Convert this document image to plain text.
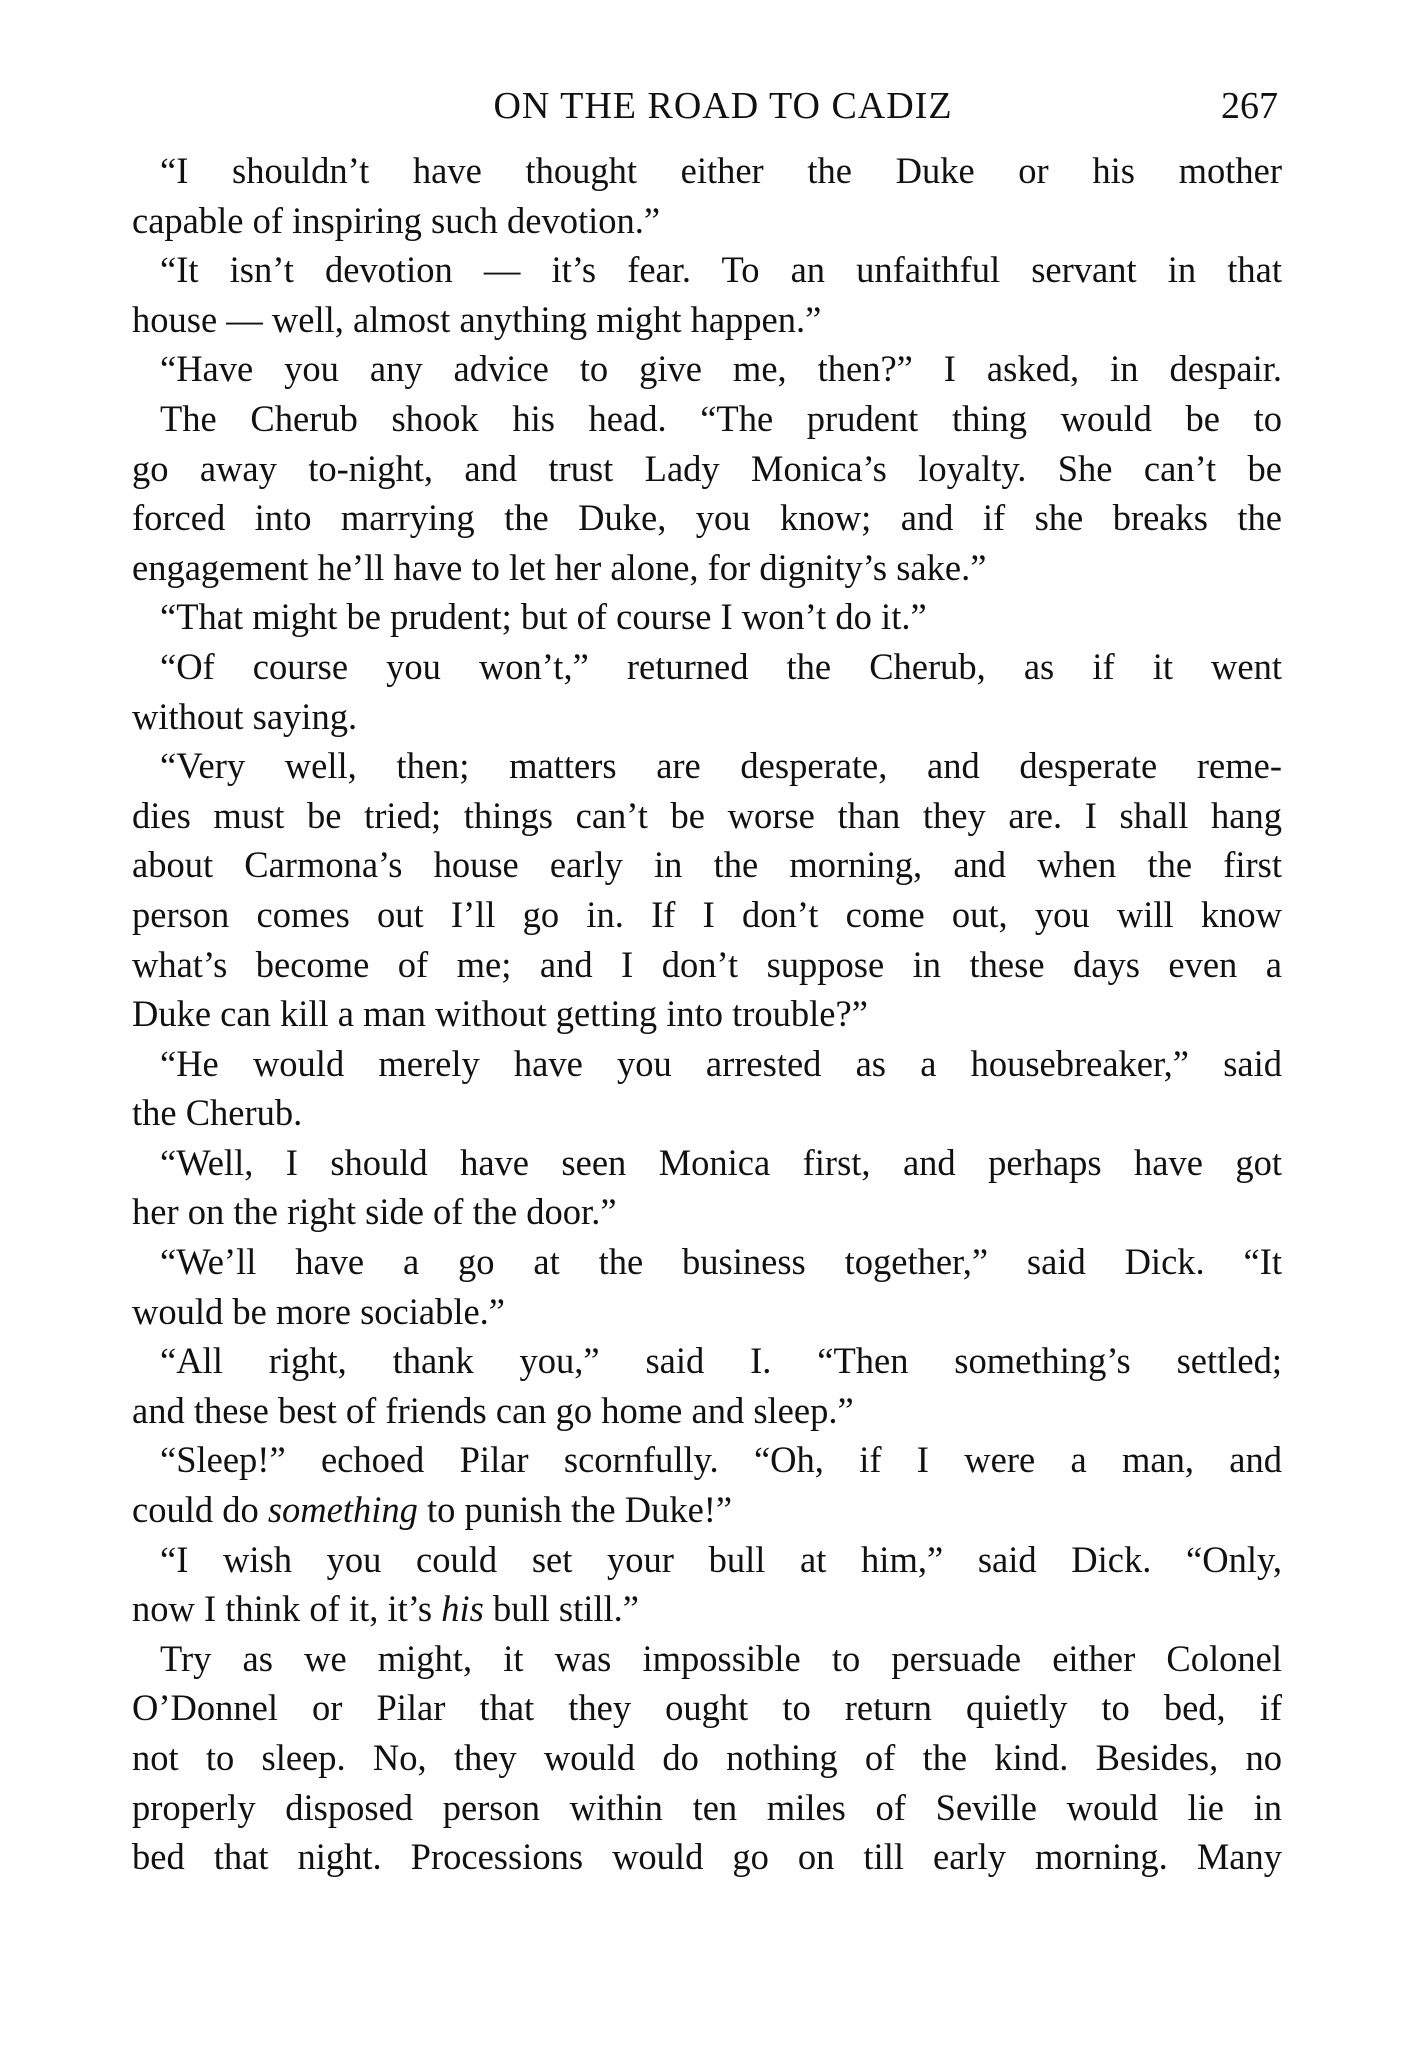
ON THE ROAD TO CADIZ	267
“I shouldn’t have thought either the Duke or his mother
capable of inspiring such devotion.”
“It isn’t devotion — it’s fear. To an unfaithful servant in that
house — well, almost anything might happen.”
“Have you any advice to give me, then?” I asked, in despair.
The Cherub shook his head. “The prudent thing would be to
go away to-night, and trust Lady Monica’s loyalty. She can’t be
forced into marrying the Duke, you know; and if she breaks the
engagement he’ll have to let her alone, for dignity’s sake.”
“That might be prudent; but of course I won’t do it.”
“Of course you won’t,” returned the Cherub, as if it went
without saying.
“Very well, then; matters are desperate, and desperate reme-
dies must be tried; things can’t be worse than they are. I shall hang
about Carmona’s house early in the morning, and when the first
person comes out I’ll go in. If I don’t come out, you will know
what’s become of me; and I don’t suppose in these days even a
Duke can kill a man without getting into trouble?”
“He would merely have you arrested as a housebreaker,” said
the Cherub.
“Well, I should have seen Monica first, and perhaps have got
her on the right side of the door.”
“We’ll have a go at the business together,” said Dick. “It
would be more sociable.”
“All right, thank you,” said I. “Then something’s settled;
and these best of friends can go home and sleep.”
“Sleep!” echoed Pilar scornfully. “Oh, if I were a man, and
could do something to punish the Duke!”
“I wish you could set your bull at him,” said Dick. “Only,
now I think of it, it’s his bull still.”
Try as we might, it was impossible to persuade either Colonel
O’Donnel or Pilar that they ought to return quietly to bed, if
not to sleep. No, they would do nothing of the kind. Besides, no
properly disposed person within ten miles of Seville would lie in
bed that night. Processions would go on till early morning. Many
